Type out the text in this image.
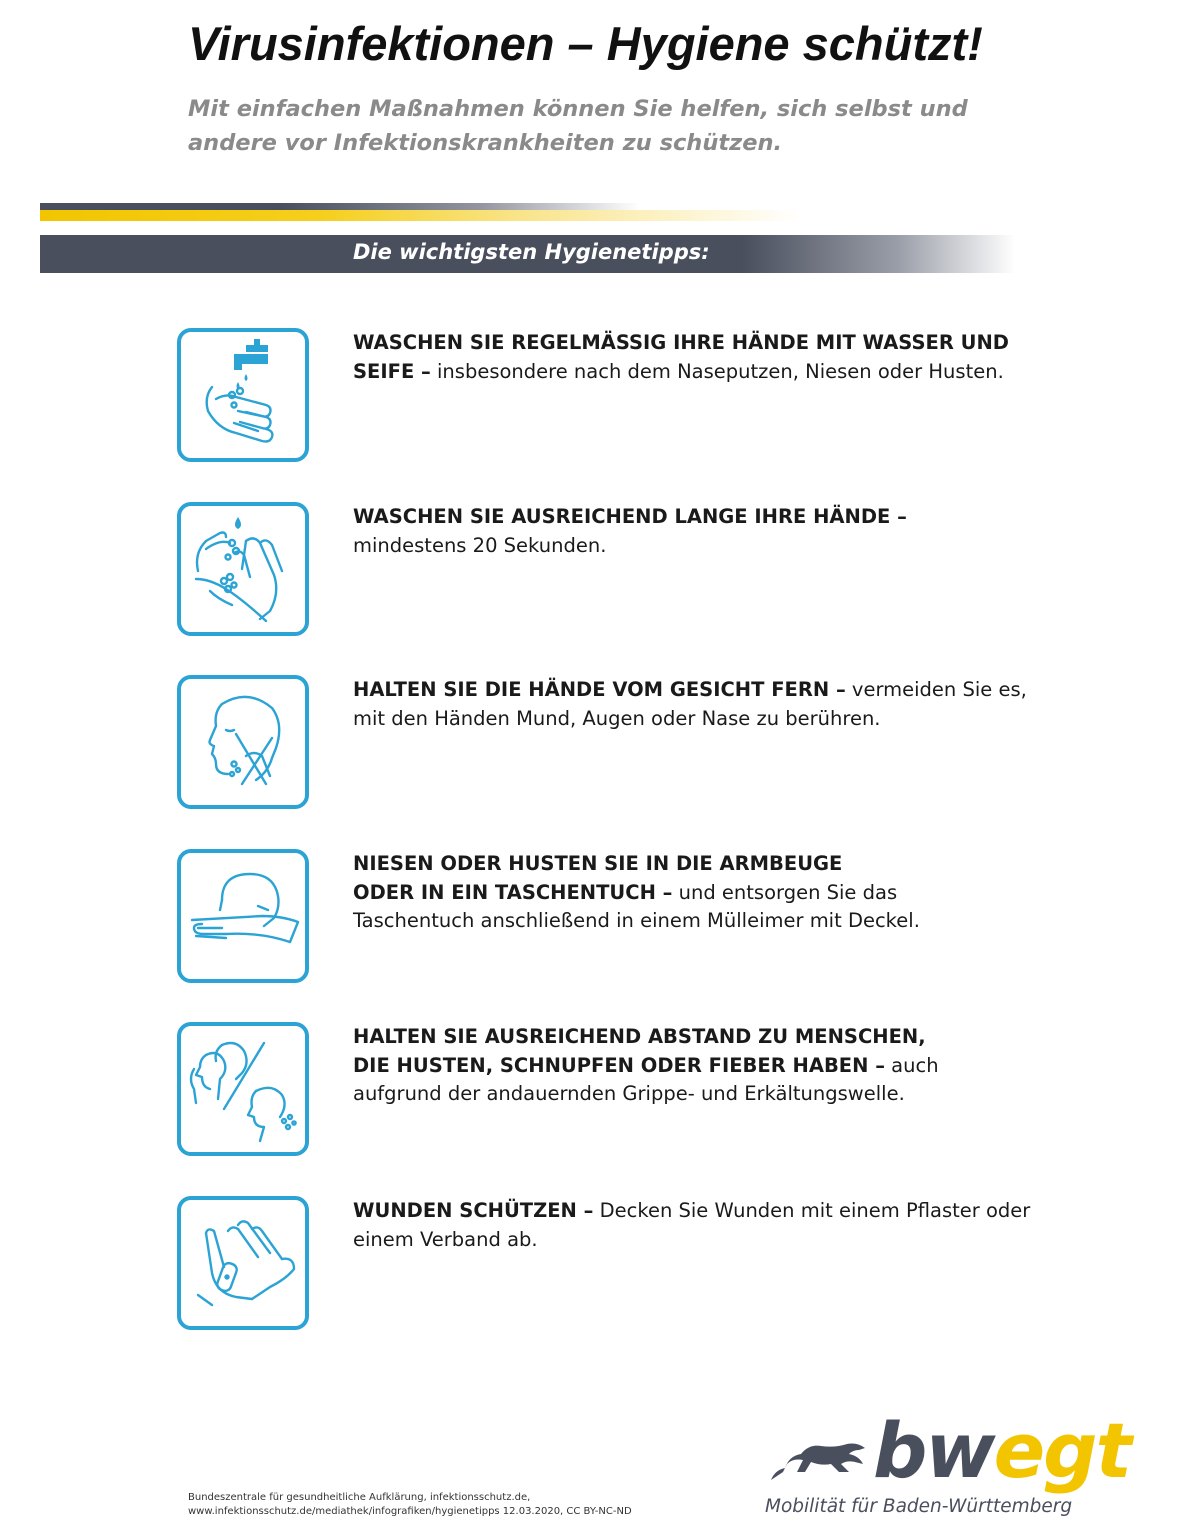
Virusinfektionen – Hygiene schützt!

Mit einfachen Maßnahmen können Sie helfen, sich selbst und
andere vor Infektionskrankheiten zu schützen.

Die wichtigsten Hygienetipps:
WASCHEN SIE REGELMÄSSIG IHRE HÄNDE MIT WASSER UND
SEIFE – insbesondere nach dem Naseputzen, Niesen oder Husten.
WASCHEN SIE AUSREICHEND LANGE IHRE HÄNDE –
mindestens 20 Sekunden.
HALTEN SIE DIE HÄNDE VOM GESICHT FERN – vermeiden Sie es,
mit den Händen Mund, Augen oder Nase zu berühren.
NIESEN ODER HUSTEN SIE IN DIE ARMBEUGE
ODER IN EIN TASCHENTUCH – und entsorgen Sie das
Taschentuch anschließend in einem Mülleimer mit Deckel.
HALTEN SIE AUSREICHEND ABSTAND ZU MENSCHEN,
DIE HUSTEN, SCHNUPFEN ODER FIEBER HABEN – auch
aufgrund der andauernden Grippe- und Erkältungswelle.
WUNDEN SCHÜTZEN – Decken Sie Wunden mit einem Pflaster oder
einem Verband ab.
Bundeszentrale für gesundheitliche Aufklärung, infektionsschutz.de,
www.infektionsschutz.de/mediathek/infografiken/hygienetipps 12.03.2020, CC BY-NC-ND
bwegt
Mobilität für Baden-Württemberg
